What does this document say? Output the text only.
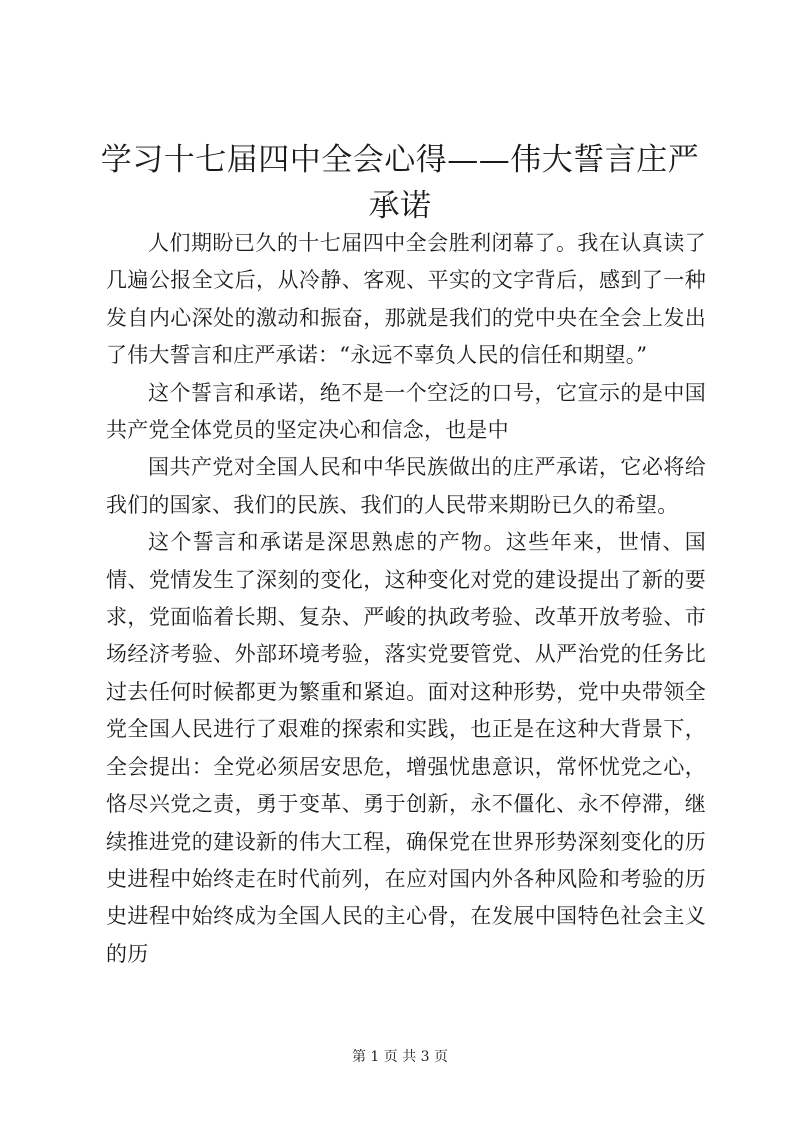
学习十七届四中全会心得——伟大誓言庄严承诺

人们期盼已久的十七届四中全会胜利闭幕了。我在认真读了几遍公报全文后，从冷静、客观、平实的文字背后，感到了一种发自内心深处的激动和振奋，那就是我们的党中央在全会上发出了伟大誓言和庄严承诺：“永远不辜负人民的信任和期望。”

这个誓言和承诺，绝不是一个空泛的口号，它宣示的是中国共产党全体党员的坚定决心和信念，也是中

国共产党对全国人民和中华民族做出的庄严承诺，它必将给我们的国家、我们的民族、我们的人民带来期盼已久的希望。

这个誓言和承诺是深思熟虑的产物。这些年来，世情、国情、党情发生了深刻的变化，这种变化对党的建设提出了新的要求，党面临着长期、复杂、严峻的执政考验、改革开放考验、市场经济考验、外部环境考验，落实党要管党、从严治党的任务比过去任何时候都更为繁重和紧迫。面对这种形势，党中央带领全党全国人民进行了艰难的探索和实践，也正是在这种大背景下，全会提出：全党必须居安思危，增强忧患意识，常怀忧党之心，恪尽兴党之责，勇于变革、勇于创新，永不僵化、永不停滞，继续推进党的建设新的伟大工程，确保党在世界形势深刻变化的历史进程中始终走在时代前列，在应对国内外各种风险和考验的历史进程中始终成为全国人民的主心骨，在发展中国特色社会主义的历

第 1 页 共 3 页
